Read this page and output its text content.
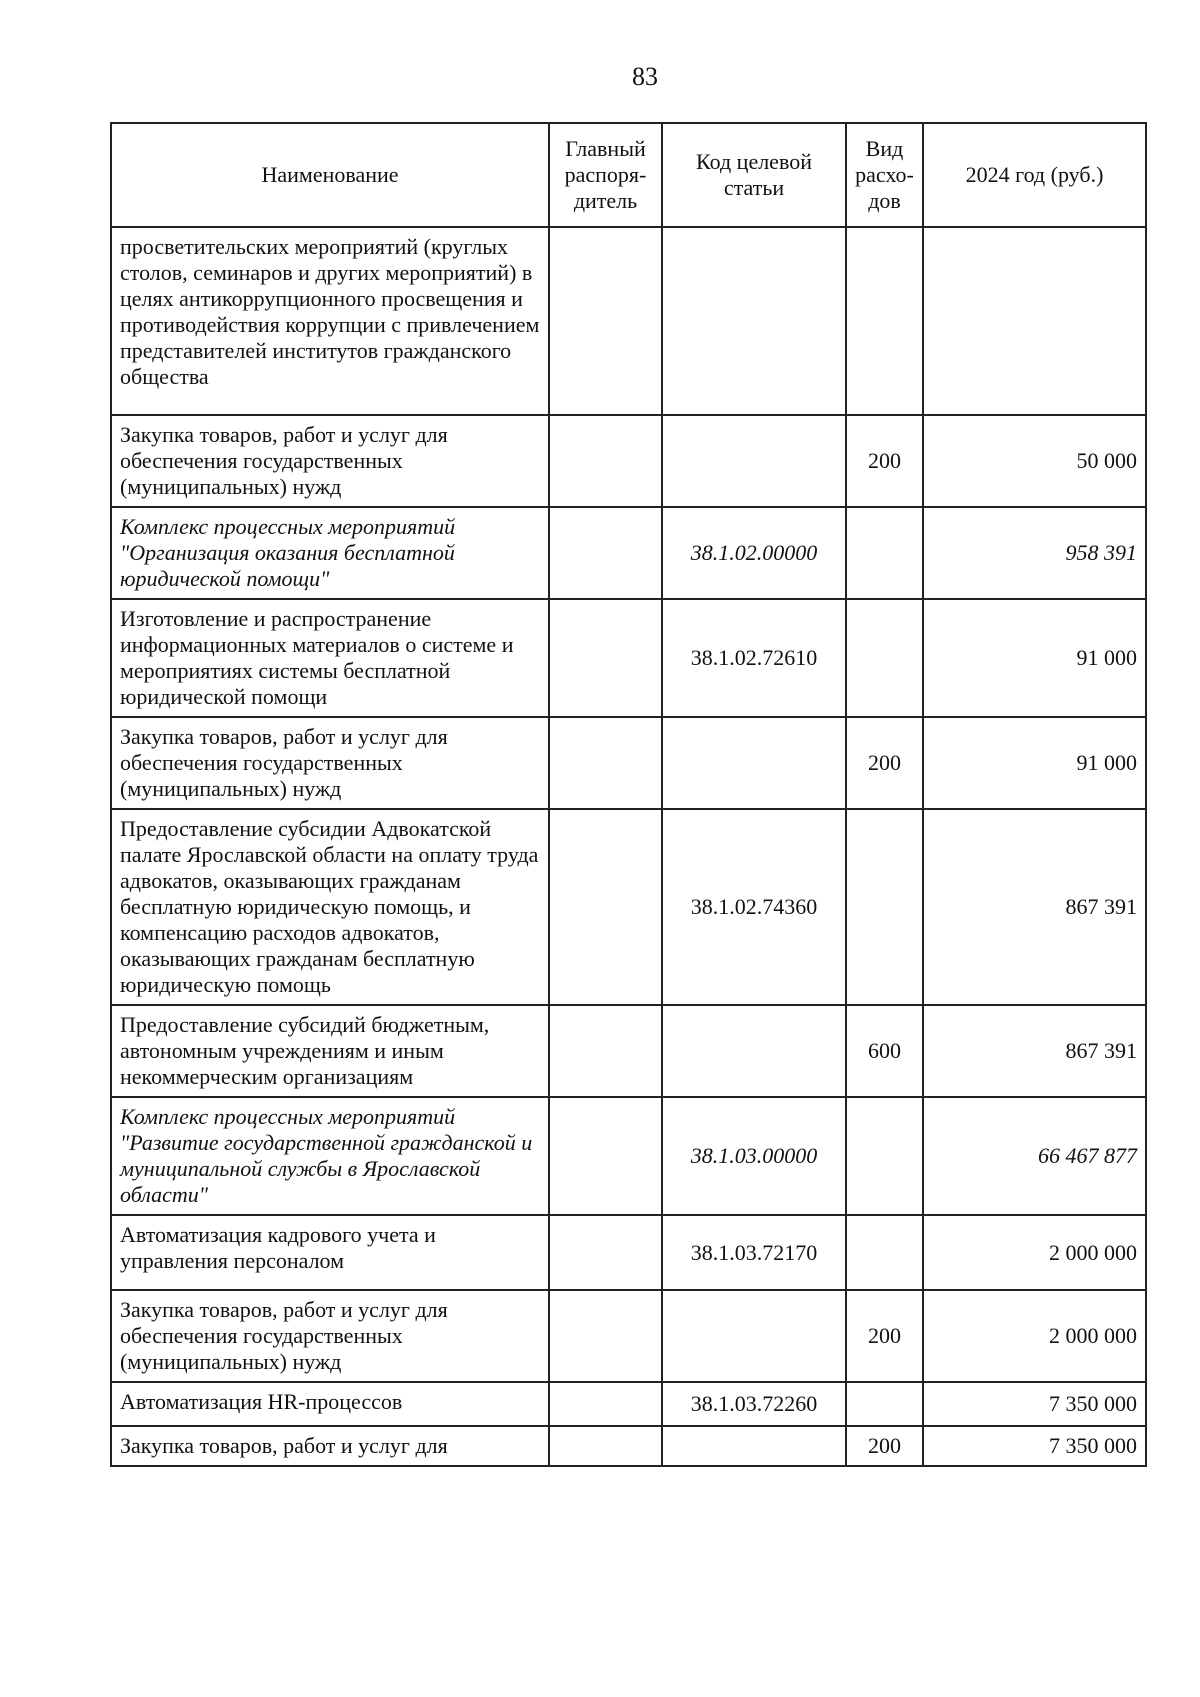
83
Наименование	Главный распоря-дитель	Код целевой статьи	Вид расхо-дов	2024 год (руб.)
просветительских мероприятий (круглых столов, семинаров и других мероприятий) в целях антикоррупционного просвещения и противодействия коррупции с привлечением представителей институтов гражданского общества				
Закупка товаров, работ и услуг для обеспечения государственных (муниципальных) нужд			200	50 000
Комплекс процессных мероприятий "Организация оказания бесплатной юридической помощи"		38.1.02.00000		958 391
Изготовление и распространение информационных материалов о системе и мероприятиях системы бесплатной юридической помощи		38.1.02.72610		91 000
Закупка товаров, работ и услуг для обеспечения государственных (муниципальных) нужд			200	91 000
Предоставление субсидии Адвокатской палате Ярославской области на оплату труда адвокатов, оказывающих гражданам бесплатную юридическую помощь, и компенсацию расходов адвокатов, оказывающих гражданам бесплатную юридическую помощь		38.1.02.74360		867 391
Предоставление субсидий бюджетным, автономным учреждениям и иным некоммерческим организациям			600	867 391
Комплекс процессных мероприятий "Развитие государственной гражданской и муниципальной службы в Ярославской области"		38.1.03.00000		66 467 877
Автоматизация кадрового учета и управления персоналом		38.1.03.72170		2 000 000
Закупка товаров, работ и услуг для обеспечения государственных (муниципальных) нужд			200	2 000 000
Автоматизация HR-процессов		38.1.03.72260		7 350 000
Закупка товаров, работ и услуг для			200	7 350 000
